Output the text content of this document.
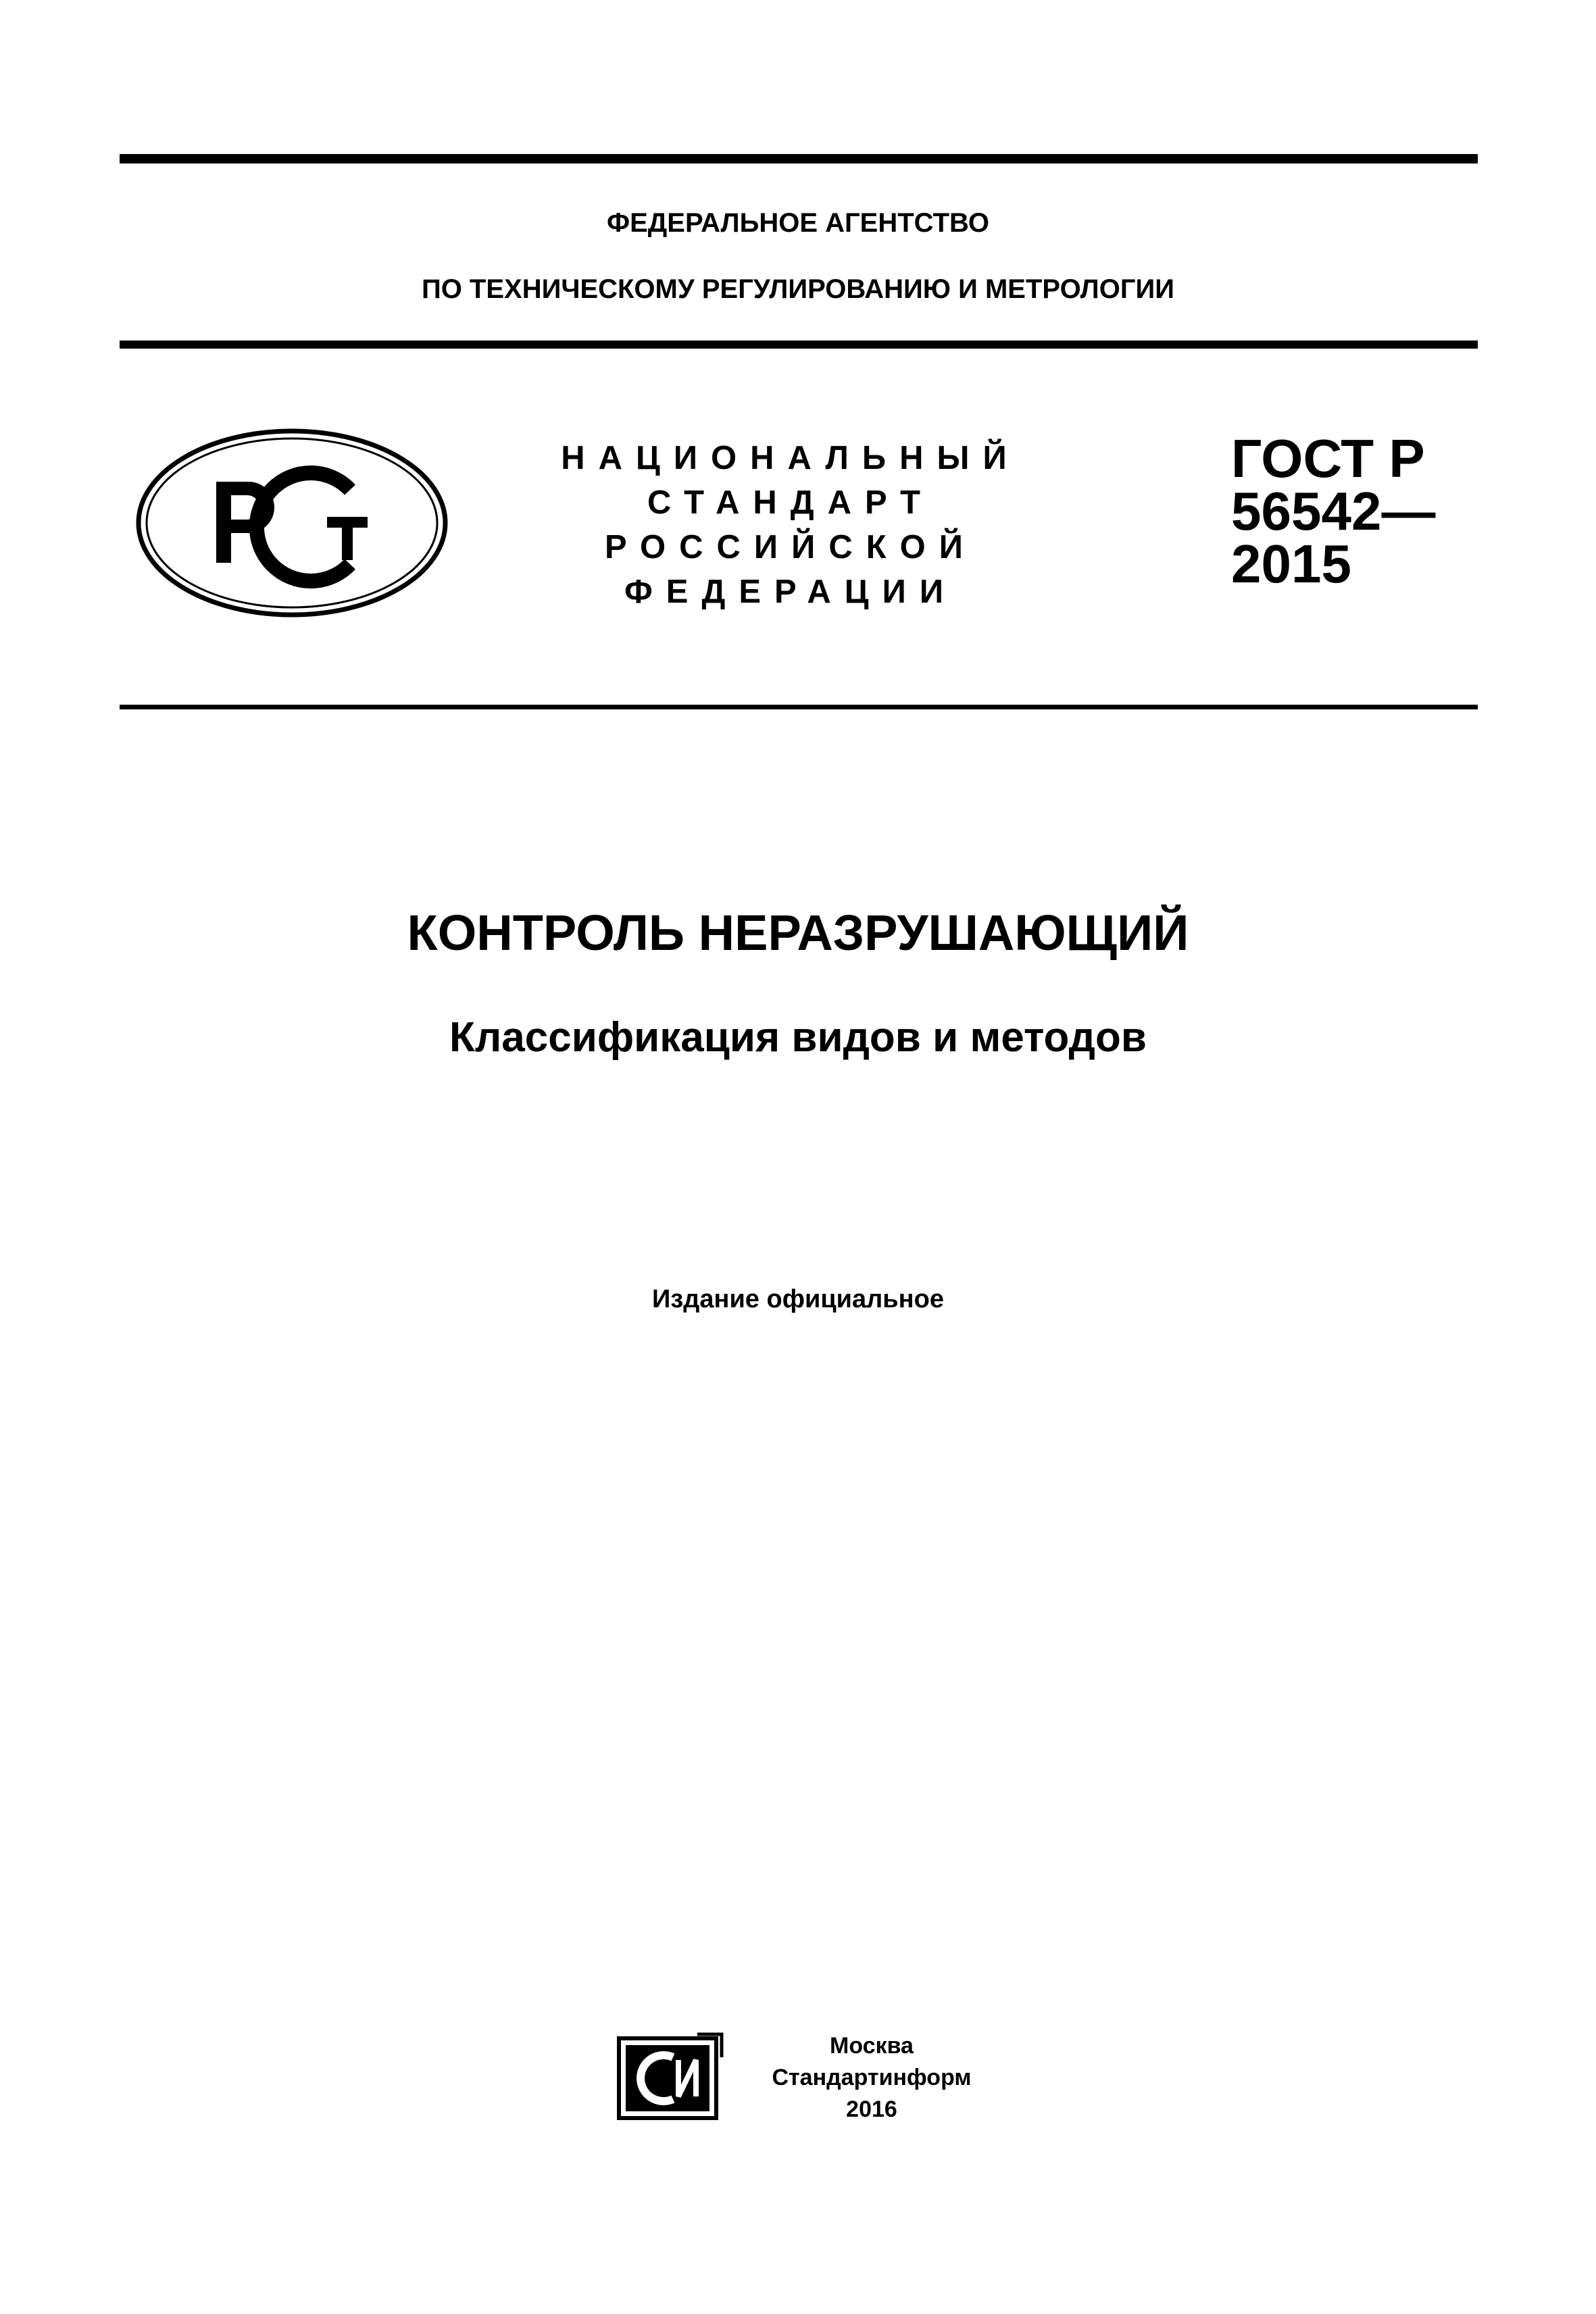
ФЕДЕРАЛЬНОЕ АГЕНТСТВО
ПО ТЕХНИЧЕСКОМУ РЕГУЛИРОВАНИЮ И МЕТРОЛОГИИ
НАЦИОНАЛЬНЫЙ
СТАНДАРТ
РОССИЙСКОЙ
ФЕДЕРАЦИИ
ГОСТ Р
56542—
2015
КОНТРОЛЬ НЕРАЗРУШАЮЩИЙ
Классификация видов и методов
Издание официальное
Москва
Стандартинформ
2016
